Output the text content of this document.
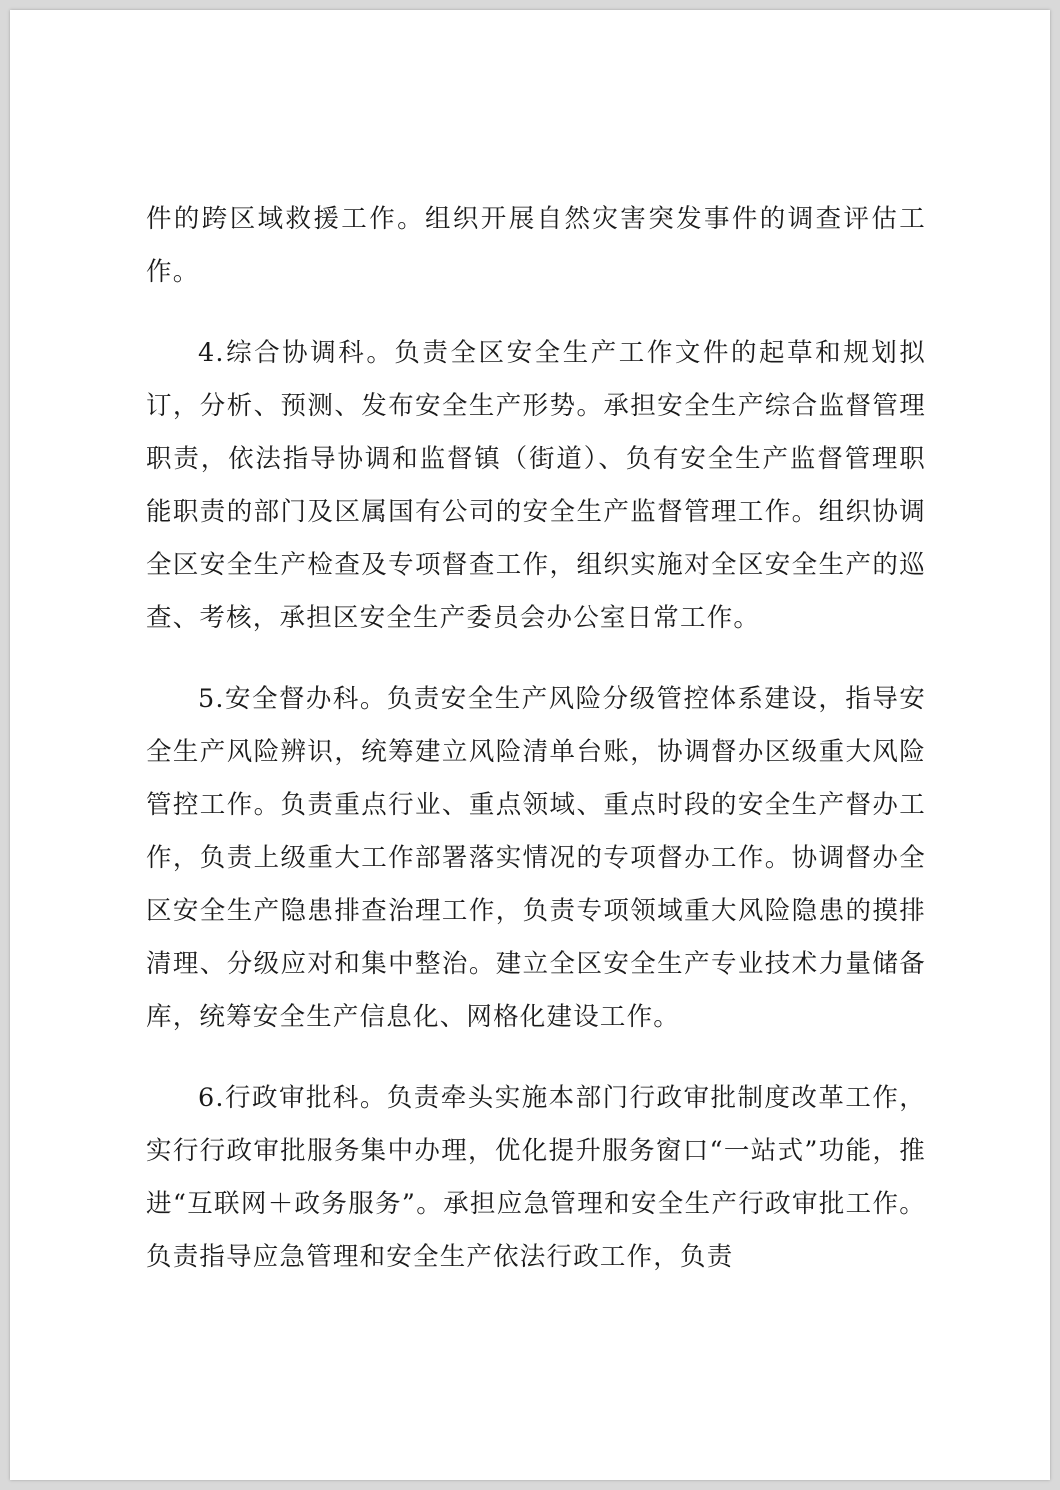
件的跨区域救援工作。组织开展自然灾害突发事件的调查评估工作。

4.综合协调科。负责全区安全生产工作文件的起草和规划拟订，分析、预测、发布安全生产形势。承担安全生产综合监督管理职责，依法指导协调和监督镇（街道）、负有安全生产监督管理职能职责的部门及区属国有公司的安全生产监督管理工作。组织协调全区安全生产检查及专项督查工作，组织实施对全区安全生产的巡查、考核，承担区安全生产委员会办公室日常工作。

5.安全督办科。负责安全生产风险分级管控体系建设，指导安全生产风险辨识，统筹建立风险清单台账，协调督办区级重大风险管控工作。负责重点行业、重点领域、重点时段的安全生产督办工作，负责上级重大工作部署落实情况的专项督办工作。协调督办全区安全生产隐患排查治理工作，负责专项领域重大风险隐患的摸排清理、分级应对和集中整治。建立全区安全生产专业技术力量储备库，统筹安全生产信息化、网格化建设工作。

6.行政审批科。负责牵头实施本部门行政审批制度改革工作，实行行政审批服务集中办理，优化提升服务窗口“一站式”功能，推进“互联网＋政务服务”。承担应急管理和安全生产行政审批工作。负责指导应急管理和安全生产依法行政工作，负责
